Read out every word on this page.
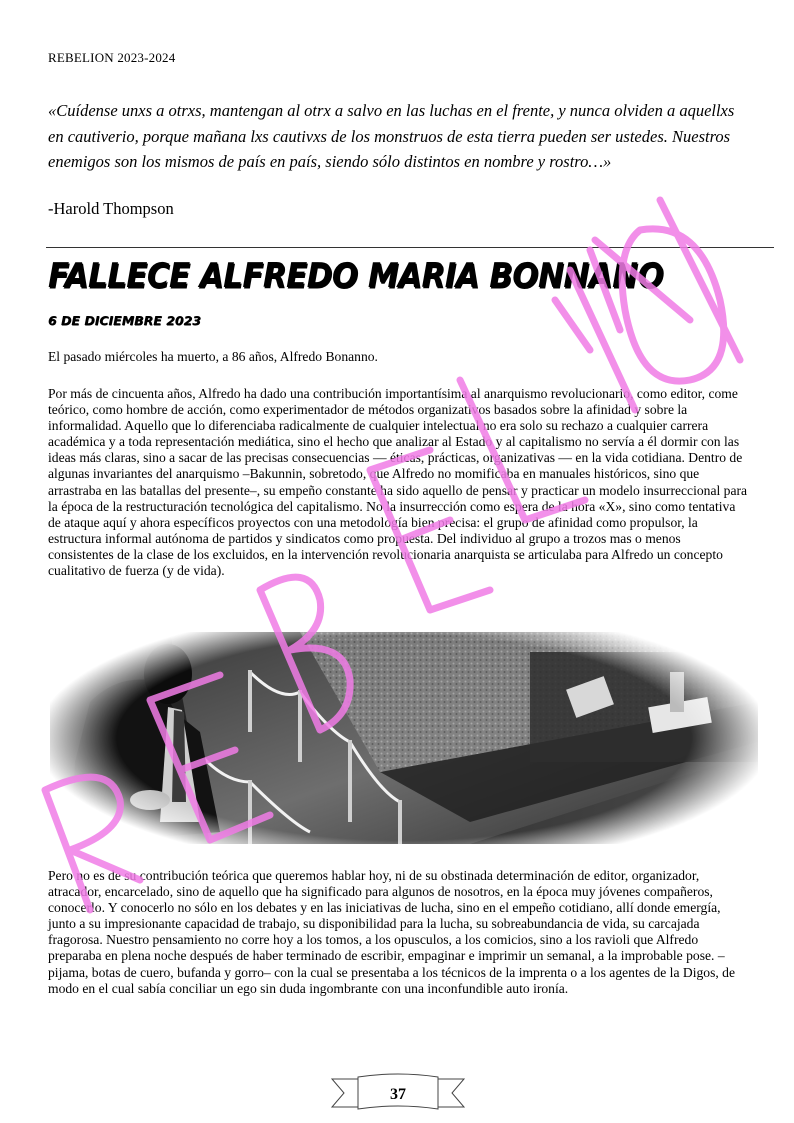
REBELION 2023-2024
«Cuídense unxs a otrxs, mantengan al otrx a salvo en las luchas en el frente, y nunca olviden a aquellxs en cautiverio, porque mañana lxs cautivxs de los monstruos de esta tierra pueden ser ustedes. Nuestros enemigos son los mismos de país en país, siendo sólo distintos en nombre y rostro…»
-Harold Thompson
FALLECE ALFREDO MARIA BONNANO
6 DE DICIEMBRE 2023
El pasado miércoles ha muerto, a 86 años, Alfredo Bonanno.
Por más de cincuenta años, Alfredo ha dado una contribución importantísima al anarquismo revolucionario, como editor, come teórico, como hombre de acción, como experimentador de métodos organizativos basados sobre la afinidad y sobre la informalidad. Aquello que lo diferenciaba radicalmente de cualquier intelectual no era solo su rechazo a cualquier carrera académica y a toda representación mediática, sino el hecho que analizar al Estado y al capitalismo no servía a él dormir con las ideas más claras, sino a sacar de las precisas consecuencias — éticas, prácticas, organizativas — en la vida cotidiana. Dentro de algunas invariantes del anarquismo –Bakunnin, sobretodo, que Alfredo no momificaba en manuales históricos, sino que arrastraba en las batallas del presente–, su empeño constante ha sido aquello de pensar y practicar un modelo insurreccional para la época de la restructuración tecnológica del capitalismo. No la insurrección como espera de la hora «X», sino como tentativa de ataque aquí y ahora específicos proyectos con una metodología bien precisa: el grupo de afinidad como propulsor, la estructura informal autónoma de partidos y sindicatos como propuesta. Del individuo al grupo a trozos mas o menos consistentes de la clase de los excluidos, en la intervención revolucionaria anarquista se articulaba para Alfredo un concepto cualitativo de fuerza (y de vida).
Pero no es de su contribución teórica que queremos hablar hoy, ni de su obstinada determinación de editor, organizador, atracador, encarcelado, sino de aquello que ha significado para algunos de nosotros, en la época muy jóvenes compañeros, conocerlo. Y conocerlo no sólo en los debates y en las iniciativas de lucha, sino en el empeño cotidiano, allí donde emergía, junto a su impresionante capacidad de trabajo, su disponibilidad para la lucha, su sobreabundancia de vida, su carcajada fragorosa. Nuestro pensamiento no corre hoy a los tomos, a los opusculos, a los comicios, sino a los ravioli que Alfredo preparaba en plena noche después de haber terminado de escribir, empaginar e imprimir un semanal, a la improbable pose. –pijama, botas de cuero, bufanda y gorro– con la cual se presentaba a los técnicos de la imprenta o a los agentes de la Digos, de modo en el cual sabía conciliar un ego sin duda ingombrante con una inconfundible auto ironía.
REBELION
37
